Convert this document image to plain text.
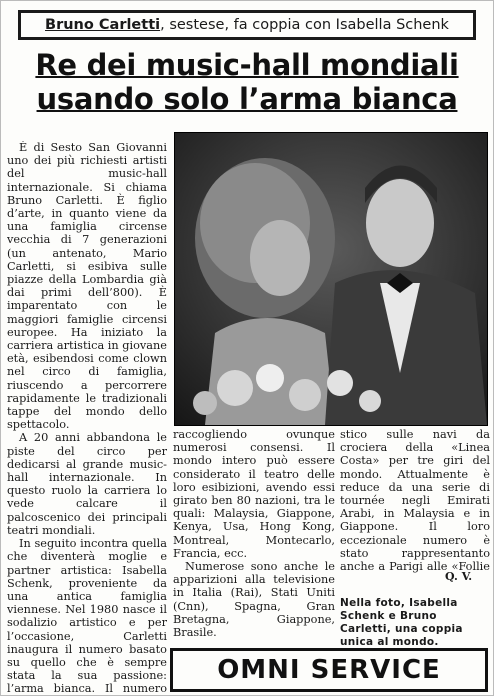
Bruno Carletti , sestese, fa coppia con Isabella Schenk
Re dei music-hall mondiali
usando solo l’arma bianca

È di Sesto San Giovanni uno dei più richiesti artisti del music-hall internazionale. Si chiama Bruno Carletti. È figlio d’arte, in quanto viene da una famiglia circense vecchia di 7 generazioni (un antenato, Mario Carletti, si esibiva sulle piazze della Lombardia già dai primi dell’800). È imparentato con le maggiori famiglie circensi europee. Ha iniziato la carriera artistica in giovane età, esibendosi come clown nel circo di famiglia, riuscendo a percorrere rapidamente le tradizionali tappe del mondo dello spettacolo.

A 20 anni abbandona le piste del circo per dedicarsi al grande music-hall internazionale. In questo ruolo la carriera lo vede calcare il palcoscenico dei principali teatri mondiali.

In seguito incontra quella che diventerà moglie e partner artistica: Isabella Schenk, proveniente da una antica famiglia viennese. Nel 1980 nasce il sodalizio artistico e per l’occasione, Carletti inaugura il numero basato su quello che è sempre stata la sua passione: l’arma bianca. Il numero

raccogliendo ovunque numerosi consensi. Il mondo intero può essere considerato il teatro delle loro esibizioni, avendo essi girato ben 80 nazioni, tra le quali: Malaysia, Giappone, Kenya, Usa, Hong Kong, Montreal, Montecarlo, Francia, ecc.

Numerose sono anche le apparizioni alla televisione in Italia (Rai), Stati Uniti (Cnn), Spagna, Gran Bretagna, Giappone, Brasile.

stico sulle navi da crociera della «Linea Costa» per tre giri del mondo. Attualmente è reduce da una serie di tournée negli Emirati Arabi, in Malaysia e in Giappone. Il loro eccezionale numero è stato rappresentanto anche a Parigi alle «Follie

Q. V.
Nella foto, Isabella Schenk e Bruno Carletti, una coppia unica al mondo.
OMNI SERVICE
